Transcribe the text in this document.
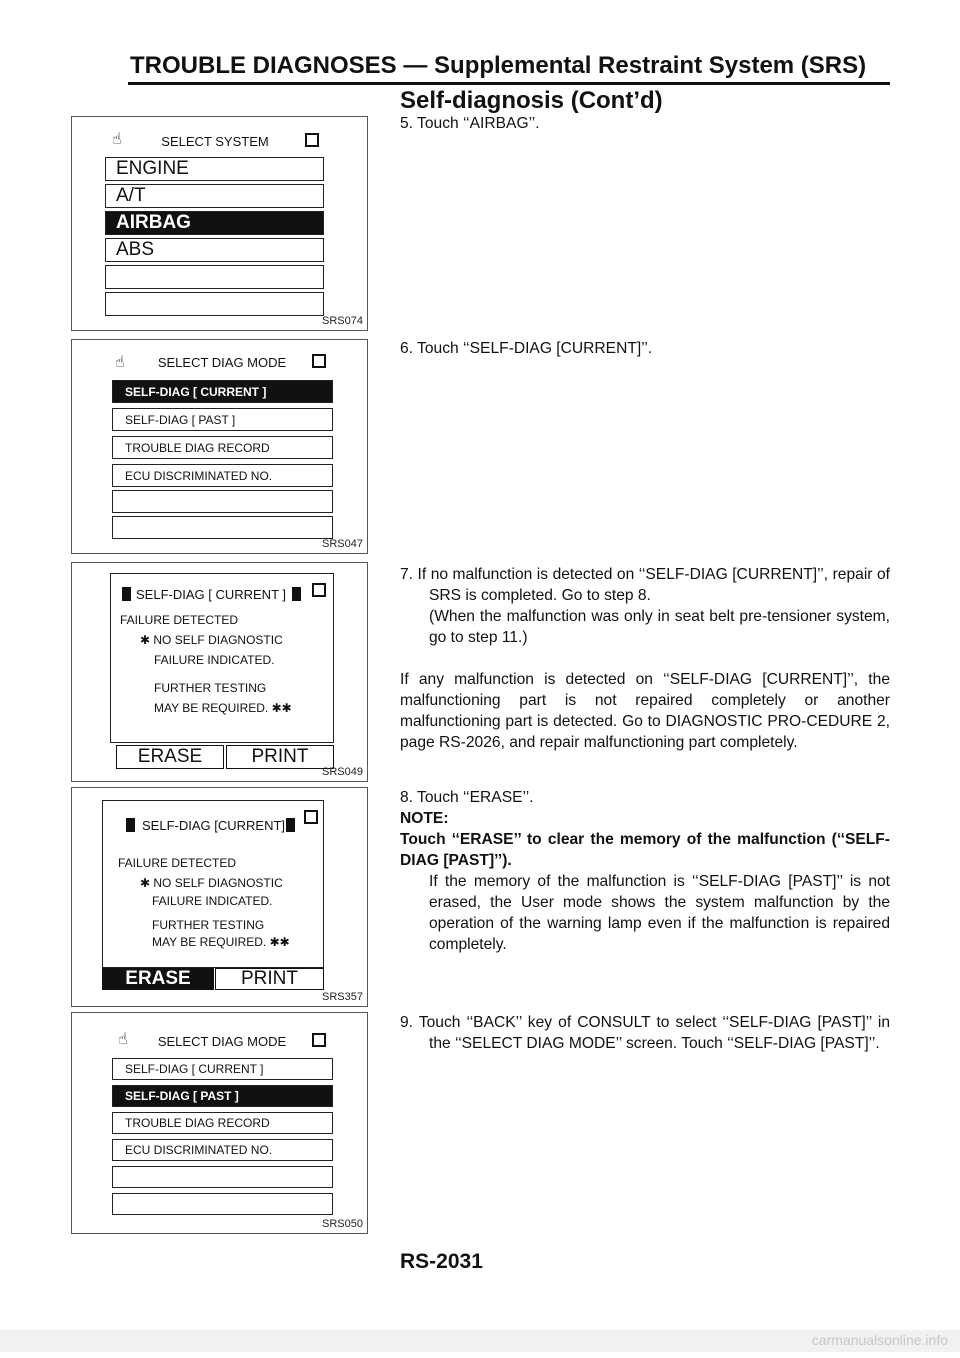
TROUBLE DIAGNOSES — Supplemental Restraint System (SRS)
Self-diagnosis (Cont’d)
☝	SELECT SYSTEM
ENGINE
A/T
AIRBAG
ABS
SRS074
☝	SELECT DIAG MODE
SELF-DIAG [ CURRENT ]
SELF-DIAG [ PAST ]
TROUBLE DIAG RECORD
ECU DISCRIMINATED NO.
SRS047
SELF-DIAG [ CURRENT ]
FAILURE DETECTED
✱ NO SELF DIAGNOSTIC
FAILURE INDICATED.
FURTHER TESTING
MAY BE REQUIRED. ✱✱
ERASE	PRINT
SRS049
SELF-DIAG [CURRENT]
FAILURE DETECTED
✱ NO SELF DIAGNOSTIC
FAILURE INDICATED.
FURTHER TESTING
MAY BE REQUIRED. ✱✱
ERASE	PRINT
SRS357
☝	SELECT DIAG MODE
SELF-DIAG [ CURRENT ]
SELF-DIAG [ PAST ]
TROUBLE DIAG RECORD
ECU DISCRIMINATED NO.
SRS050

5. Touch ‘‘AIRBAG’’.

6. Touch ‘‘SELF-DIAG [CURRENT]’’.

7. If no malfunction is detected on ‘‘SELF-DIAG [CURRENT]’’, repair of SRS is completed. Go to step 8.

(When the malfunction was only in seat belt pre-tensioner system, go to step 11.)

If any malfunction is detected on ‘‘SELF-DIAG [CURRENT]’’, the malfunctioning part is not repaired completely or another malfunctioning part is detected. Go to DIAGNOSTIC PRO-CEDURE 2, page RS-2026, and repair malfunctioning part completely.

8. Touch ‘‘ERASE’’.

NOTE:

Touch ‘‘ERASE’’ to clear the memory of the malfunction (‘‘SELF-DIAG [PAST]’’).

If the memory of the malfunction is ‘‘SELF-DIAG [PAST]’’ is not erased, the User mode shows the system malfunction by the operation of the warning lamp even if the malfunction is repaired completely.

9. Touch ‘‘BACK’’ key of CONSULT to select ‘‘SELF-DIAG [PAST]’’ in the ‘‘SELECT DIAG MODE’’ screen. Touch ‘‘SELF-DIAG [PAST]’’.

RS-2031
carmanualsonline.info
